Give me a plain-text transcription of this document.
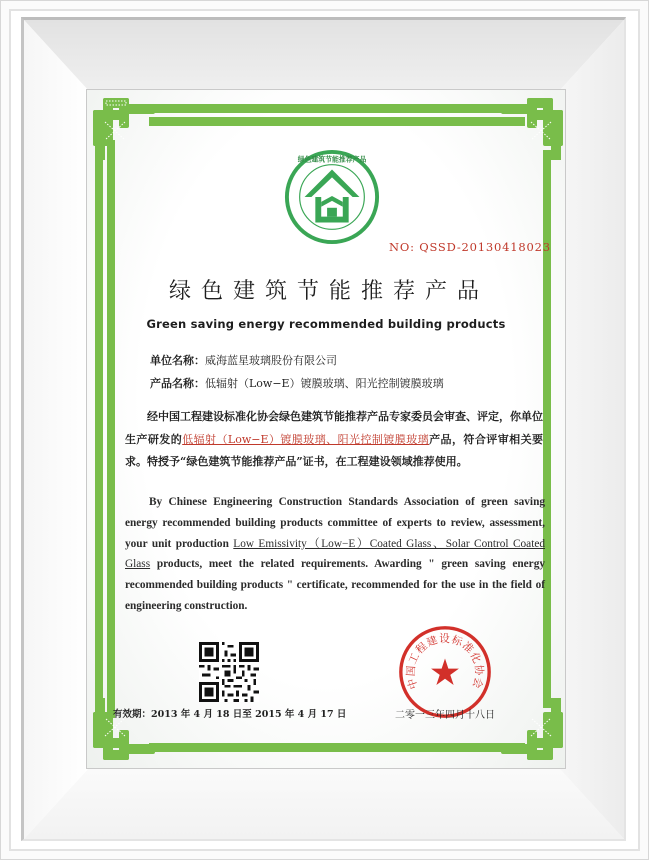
绿色建筑节能推荐产品
NO: QSSD-20130418023
绿色建筑节能推荐产品
Green saving energy recommended building products
单位名称：威海蓝星玻璃股份有限公司
产品名称：低辐射（Low−E）镀膜玻璃、阳光控制镀膜玻璃
经中国工程建设标准化协会绿色建筑节能推荐产品专家委员会审查、评定，你单位生产研发的低辐射（Low−E）镀膜玻璃、阳光控制镀膜玻璃产品，符合评审相关要求。特授予“绿色建筑节能推荐产品”证书，在工程建设领域推荐使用。
By Chinese Engineering Construction Standards Association of green saving energy recommended building products committee of experts to review, assessment, your unit production Low Emissivity（Low−E）Coated Glass、Solar Control Coated Glass products, meet the related requirements. Awarding " green saving energy recommended building products " certificate, recommended for the use in the field of engineering construction.
有效期：2013 年 4 月 18 日至 2015 年 4 月 17 日
中国工程建设标准化协会
二零一三年四月十八日
